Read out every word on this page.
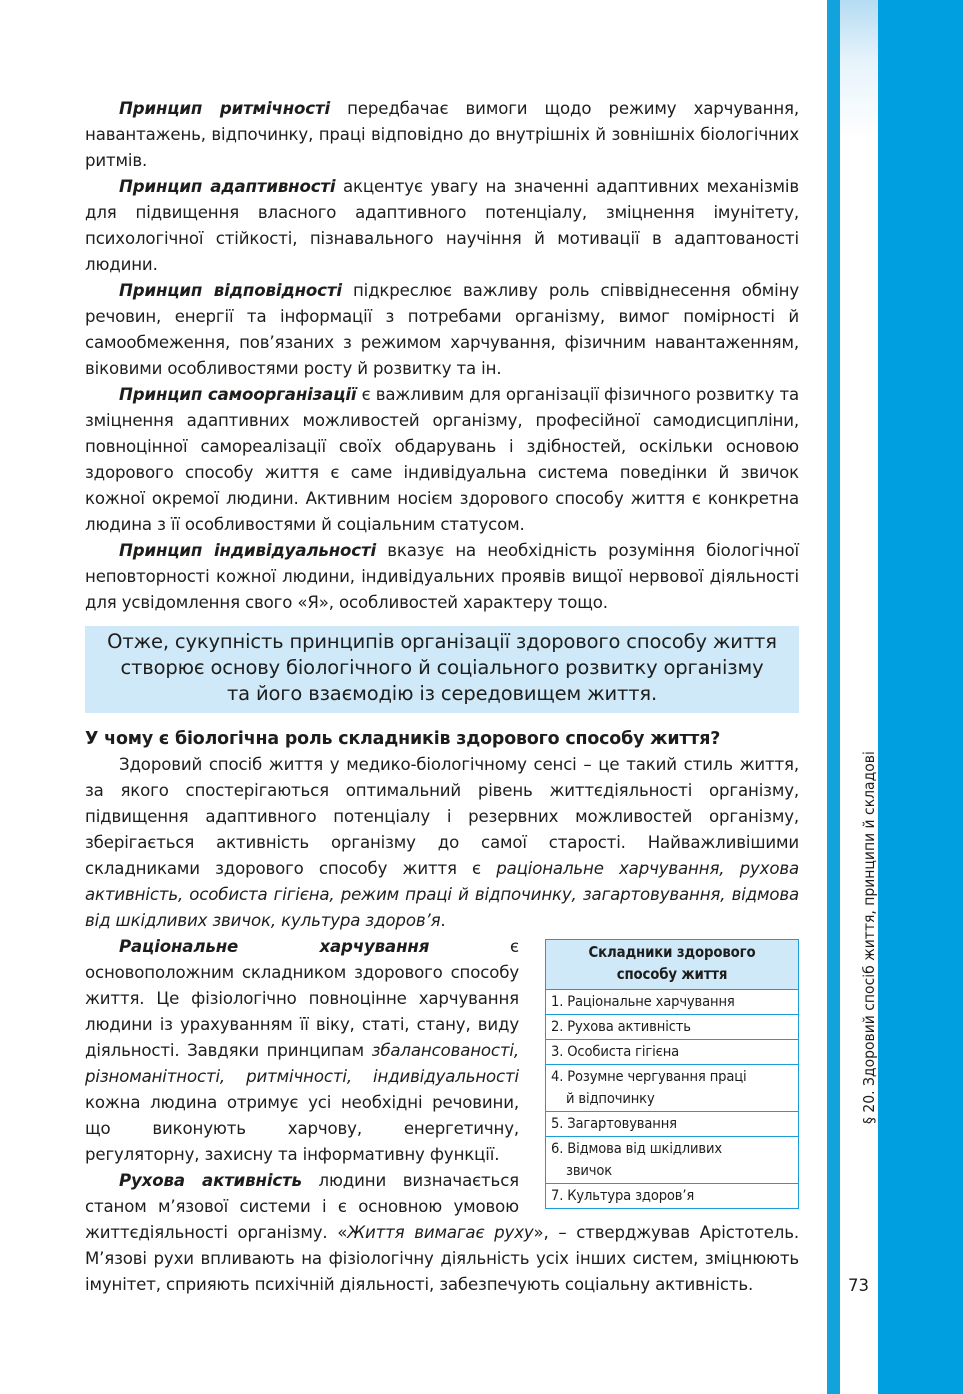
§ 20. Здоровий спосіб життя, принципи й складові
73

Принцип ритмічності передбачає вимоги щодо режиму харчування, навантажень, відпочинку, праці відповідно до внутрішніх й зовнішніх біологічних ритмів.

Принцип адаптивності акцентує увагу на значенні адаптивних механізмів для підвищення власного адаптивного потенціалу, зміцнення імунітету, психологічної стійкості, пізнавального научіння й мотивації в адаптованості людини.

Принцип відповідності підкреслює важливу роль співвіднесення обміну речовин, енергії та інформації з потребами організму, вимог помірності й самообмеження, пов’язаних з режимом харчування, фізичним навантаженням, віковими особливостями росту й розвитку та ін.

Принцип самоорганізації є важливим для організації фізичного розвитку та зміцнення адаптивних можливостей організму, професійної самодисципліни, повноцінної самореалізації своїх обдарувань і здібностей, оскільки основою здорового способу життя є саме індивідуальна система поведінки й звичок кожної окремої людини. Активним носієм здорового способу життя є конкретна людина з її особливостями й соціальним статусом.

Принцип індивідуальності вказує на необхідність розуміння біологічної неповторності кожної людини, індивідуальних проявів вищої нервової діяльності для усвідомлення свого «Я», особливостей характеру тощо.

Отже, сукупність принципів організації здорового способу життя
створює основу біологічного й соціального розвитку організму
та його взаємодію із середовищем життя.

У чому є біологічна роль складників здорового способу життя?

Здоровий спосіб життя у медико-біологічному сенсі – це такий стиль життя, за якого спостерігаються оптимальний рівень життєдіяльності організму, підвищення адаптивного потенціалу і резервних можливостей організму, зберігається активність організму до самої старості. Найважливішими складниками здорового способу життя є раціональне харчування, рухова активність, особиста гігієна, режим праці й відпочинку, загартовування, відмова від шкідливих звичок, культура здоров’я.

Складники здорового
способу життя
1. Раціональне харчування
2. Рухова активність
3. Особиста гігієна
4. Розумне чергування праці
й відпочинку

5. Загартовування
6. Відмова від шкідливих
звичок

7. Культура здоров’я

Раціональне харчування є основоположним складником здорового способу життя. Це фізіологічно повноцінне харчування людини із урахуванням її віку, статі, стану, виду діяльності. Завдяки принципам збалансованості, різноманітності, ритмічності, індивідуальності кожна людина отримує усі необхідні речовини, що виконують харчову, енергетичну, регуляторну, захисну та інформативну функції.

Рухова активність людини визначається станом м’язової системи і є основною умовою життєдіяльності організму. «Життя вимагає руху», – стверджував Арістотель. М’язові рухи впливають на фізіологічну діяльність усіх інших систем, зміцнюють імунітет, сприяють психічній діяльності, забезпечують соціальну активність.
